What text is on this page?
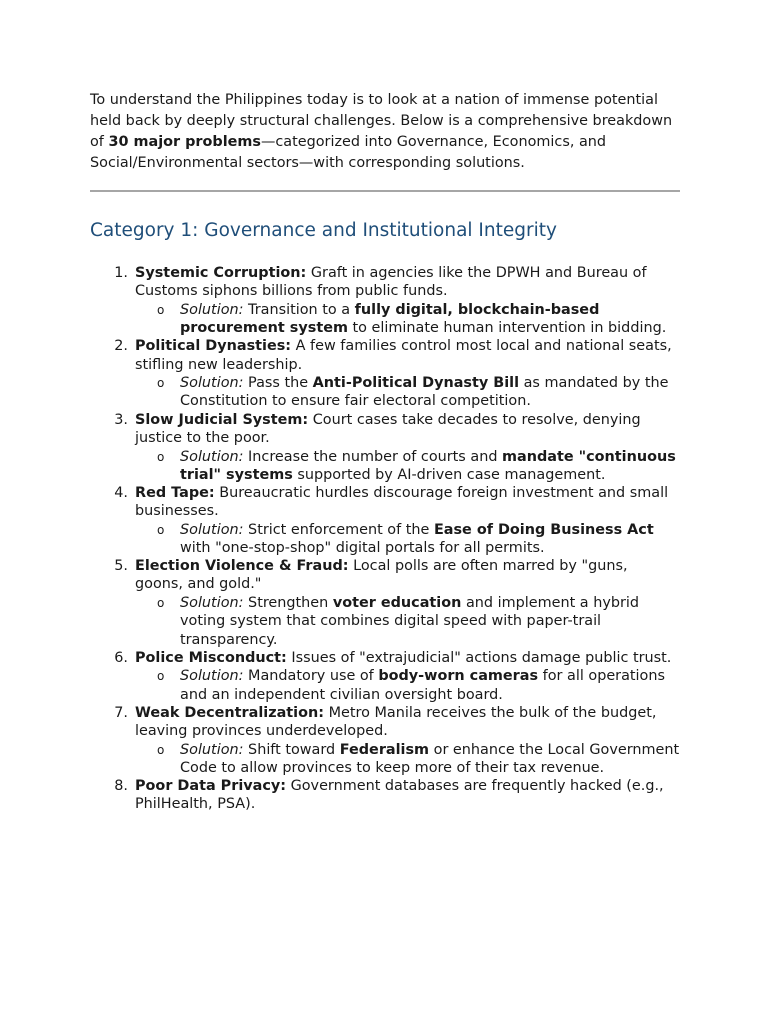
To understand the Philippines today is to look at a nation of immense potential held back by deeply structural challenges. Below is a comprehensive breakdown of 30 major problems—categorized into Governance, Economics, and Social/Environmental sectors—with corresponding solutions.

Category 1: Governance and Institutional Integrity
1. Systemic Corruption: Graft in agencies like the DPWH and Bureau of Customs siphons billions from public funds.
o Solution: Transition to a fully digital, blockchain-based procurement system to eliminate human intervention in bidding.
2. Political Dynasties: A few families control most local and national seats, stifling new leadership.
o Solution: Pass the Anti-Political Dynasty Bill as mandated by the Constitution to ensure fair electoral competition.
3. Slow Judicial System: Court cases take decades to resolve, denying justice to the poor.
o Solution: Increase the number of courts and mandate "continuous trial" systems supported by AI-driven case management.
4. Red Tape: Bureaucratic hurdles discourage foreign investment and small businesses.
o Solution: Strict enforcement of the Ease of Doing Business Act with "one-stop-shop" digital portals for all permits.
5. Election Violence & Fraud: Local polls are often marred by "guns, goons, and gold."
o Solution: Strengthen voter education and implement a hybrid voting system that combines digital speed with paper-trail transparency.
6. Police Misconduct: Issues of "extrajudicial" actions damage public trust.
o Solution: Mandatory use of body-worn cameras for all operations and an independent civilian oversight board.
7. Weak Decentralization: Metro Manila receives the bulk of the budget, leaving provinces underdeveloped.
o Solution: Shift toward Federalism or enhance the Local Government Code to allow provinces to keep more of their tax revenue.
8. Poor Data Privacy: Government databases are frequently hacked (e.g., PhilHealth, PSA).
